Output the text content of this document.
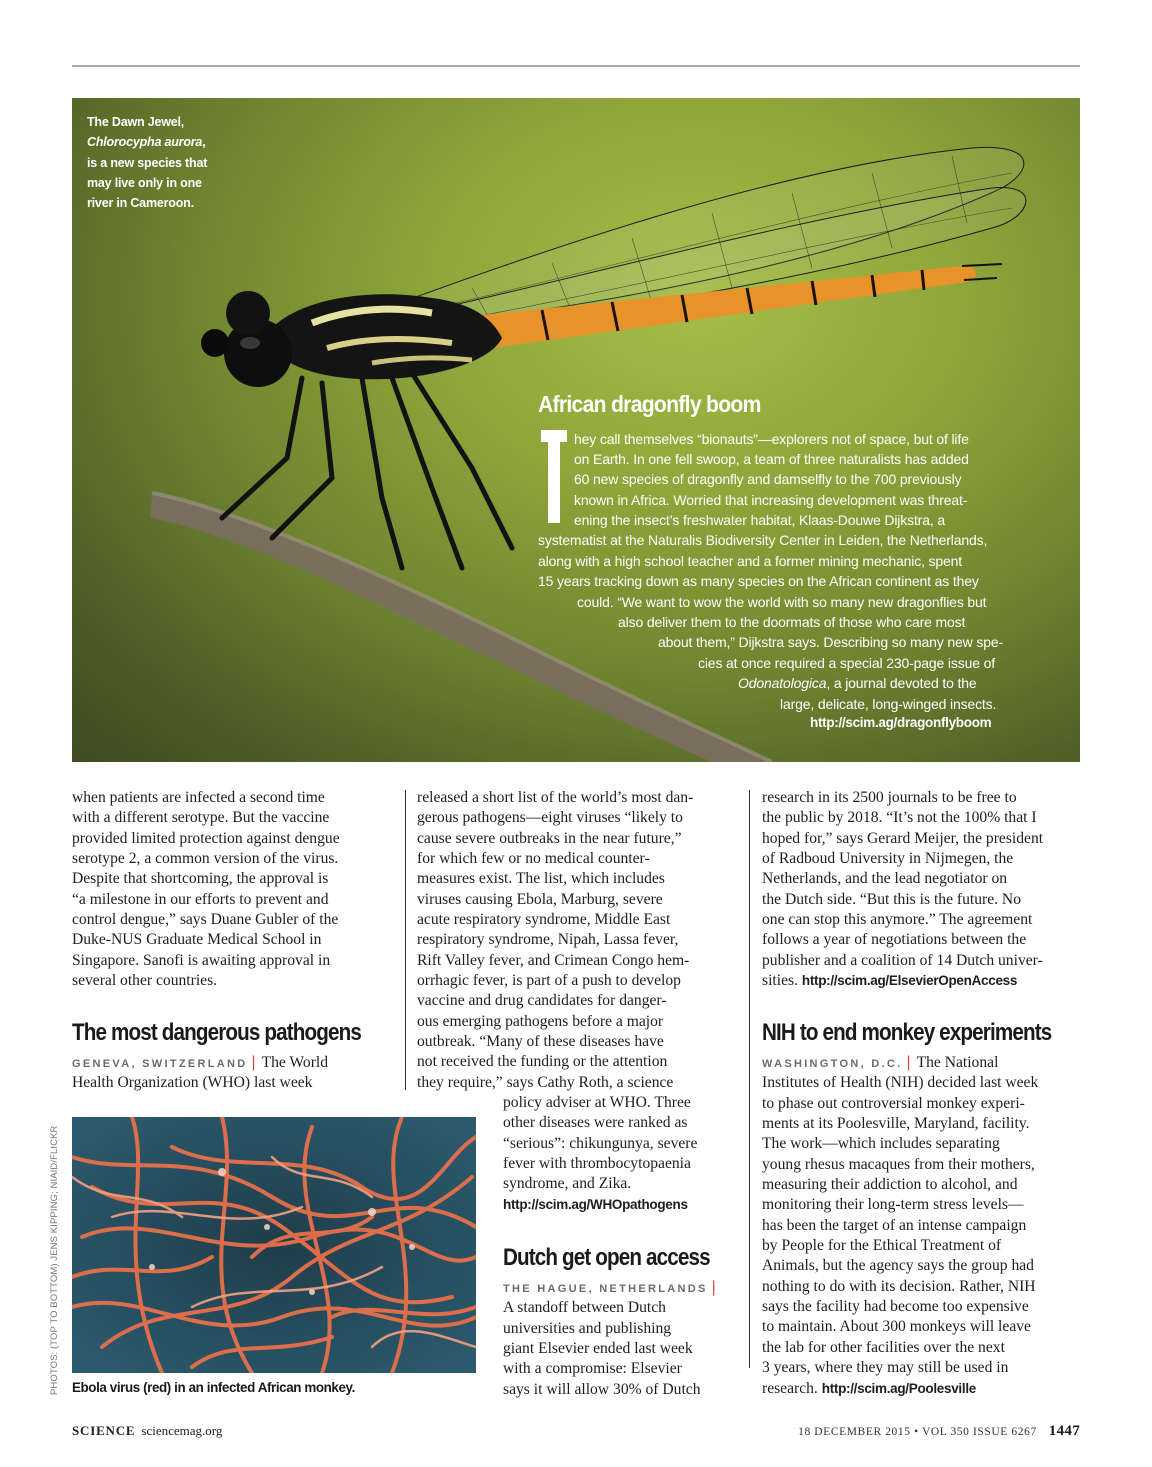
The Dawn Jewel,
Chlorocypha aurora,
is a new species that
may live only in one
river in Cameroon.
African dragonfly boom
hey call themselves “bionauts”—explorers not of space, but of life
on Earth. In one fell swoop, a team of three naturalists has added
60 new species of dragonfly and damselfly to the 700 previously
known in Africa. Worried that increasing development was threat-
ening the insect’s freshwater habitat, Klaas-Douwe Dijkstra, a
systematist at the Naturalis Biodiversity Center in Leiden, the Netherlands,
along with a high school teacher and a former mining mechanic, spent
15 years tracking down as many species on the African continent as they
could. “We want to wow the world with so many new dragonflies but
also deliver them to the doormats of those who care most
about them,” Dijkstra says. Describing so many new spe-
cies at once required a special 230-page issue of
Odonatologica, a journal devoted to the
large, delicate, long-winged insects.
http://scim.ag/dragonflyboom
when patients are infected a second time
with a different serotype. But the vaccine
provided limited protection against dengue
serotype 2, a common version of the virus.
Despite that shortcoming, the approval is
“a milestone in our efforts to prevent and
control dengue,” says Duane Gubler of the
Duke-NUS Graduate Medical School in
Singapore. Sanofi is awaiting approval in
several other countries.
The most dangerous pathogens
GENEVA, SWITZERLAND | The World
Health Organization (WHO) last week
Ebola virus (red) in an infected African monkey.
PHOTOS: (TOP TO BOTTOM) JENS KIPPING; NIAID/FLICKR
released a short list of the world’s most dan-
gerous pathogens—eight viruses “likely to
cause severe outbreaks in the near future,”
for which few or no medical counter-
measures exist. The list, which includes
viruses causing Ebola, Marburg, severe
acute respiratory syndrome, Middle East
respiratory syndrome, Nipah, Lassa fever,
Rift Valley fever, and Crimean Congo hem-
orrhagic fever, is part of a push to develop
vaccine and drug candidates for danger-
ous emerging pathogens before a major
outbreak. “Many of these diseases have
not received the funding or the attention
they require,” says Cathy Roth, a science
policy adviser at WHO. Three
other diseases were ranked as
“serious”: chikungunya, severe
fever with thrombocytopaenia
syndrome, and Zika.
http://scim.ag/WHOpathogens
Dutch get open access
THE HAGUE, NETHERLANDS |
A standoff between Dutch
universities and publishing
giant Elsevier ended last week
with a compromise: Elsevier
says it will allow 30% of Dutch
research in its 2500 journals to be free to
the public by 2018. “It’s not the 100% that I
hoped for,” says Gerard Meijer, the president
of Radboud University in Nijmegen, the
Netherlands, and the lead negotiator on
the Dutch side. “But this is the future. No
one can stop this anymore.” The agreement
follows a year of negotiations between the
publisher and a coalition of 14 Dutch univer-
sities. http://scim.ag/ElsevierOpenAccess
NIH to end monkey experiments
WASHINGTON, D.C. | The National
Institutes of Health (NIH) decided last week
to phase out controversial monkey experi-
ments at its Poolesville, Maryland, facility.
The work—which includes separating
young rhesus macaques from their mothers,
measuring their addiction to alcohol, and
monitoring their long-term stress levels—
has been the target of an intense campaign
by People for the Ethical Treatment of
Animals, but the agency says the group had
nothing to do with its decision. Rather, NIH
says the facility had become too expensive
to maintain. About 300 monkeys will leave
the lab for other facilities over the next
3 years, where they may still be used in
research. http://scim.ag/Poolesville
SCIENCE sciencemag.org	18 DECEMBER 2015 • VOL 350 ISSUE 6267 1447
